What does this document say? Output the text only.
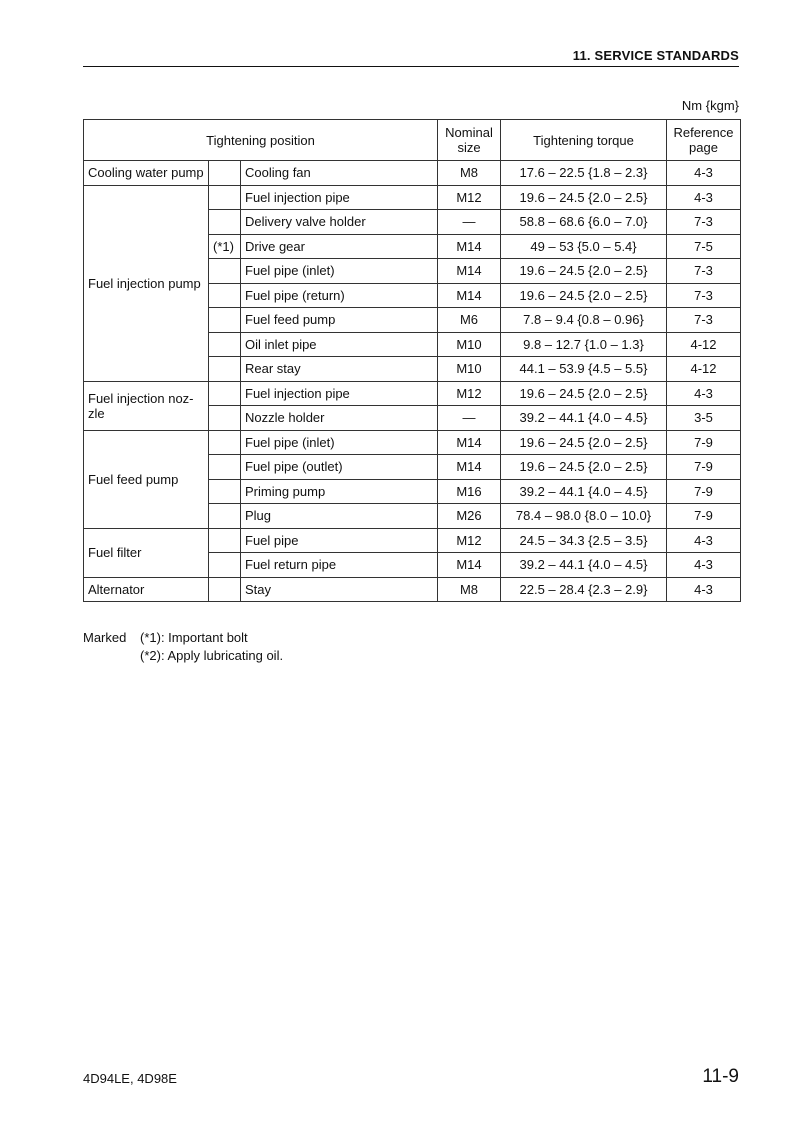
11. SERVICE STANDARDS
Nm {kgm}
Tightening position			Nominal
size	Tightening torque	Reference
page
Cooling water pump		Cooling fan	M8	17.6 – 22.5 {1.8 – 2.3}	4-3
Fuel injection pump		Fuel injection pipe	M12	19.6 – 24.5 {2.0 – 2.5}	4-3
		Delivery valve holder	—	58.8 – 68.6 {6.0 – 7.0}	7-3
	(*1)	Drive gear	M14	49 – 53 {5.0 – 5.4}	7-5
		Fuel pipe (inlet)	M14	19.6 – 24.5 {2.0 – 2.5}	7-3
		Fuel pipe (return)	M14	19.6 – 24.5 {2.0 – 2.5}	7-3
		Fuel feed pump	M6	7.8 – 9.4 {0.8 – 0.96}	7-3
		Oil inlet pipe	M10	9.8 – 12.7 {1.0 – 1.3}	4-12
		Rear stay	M10	44.1 – 53.9 {4.5 – 5.5}	4-12
Fuel injection noz-zle		Fuel injection pipe	M12	19.6 – 24.5 {2.0 – 2.5}	4-3
		Nozzle holder	—	39.2 – 44.1 {4.0 – 4.5}	3-5
Fuel feed pump		Fuel pipe (inlet)	M14	19.6 – 24.5 {2.0 – 2.5}	7-9
		Fuel pipe (outlet)	M14	19.6 – 24.5 {2.0 – 2.5}	7-9
		Priming pump	M16	39.2 – 44.1 {4.0 – 4.5}	7-9
		Plug	M26	78.4 – 98.0 {8.0 – 10.0}	7-9
Fuel filter		Fuel pipe	M12	24.5 – 34.3 {2.5 – 3.5}	4-3
		Fuel return pipe	M14	39.2 – 44.1 {4.0 – 4.5}	4-3
Alternator		Stay	M8	22.5 – 28.4 {2.3 – 2.9}	4-3
Marked (*1): Important bolt
(*2): Apply lubricating oil.
4D94LE, 4D98E	11-9
